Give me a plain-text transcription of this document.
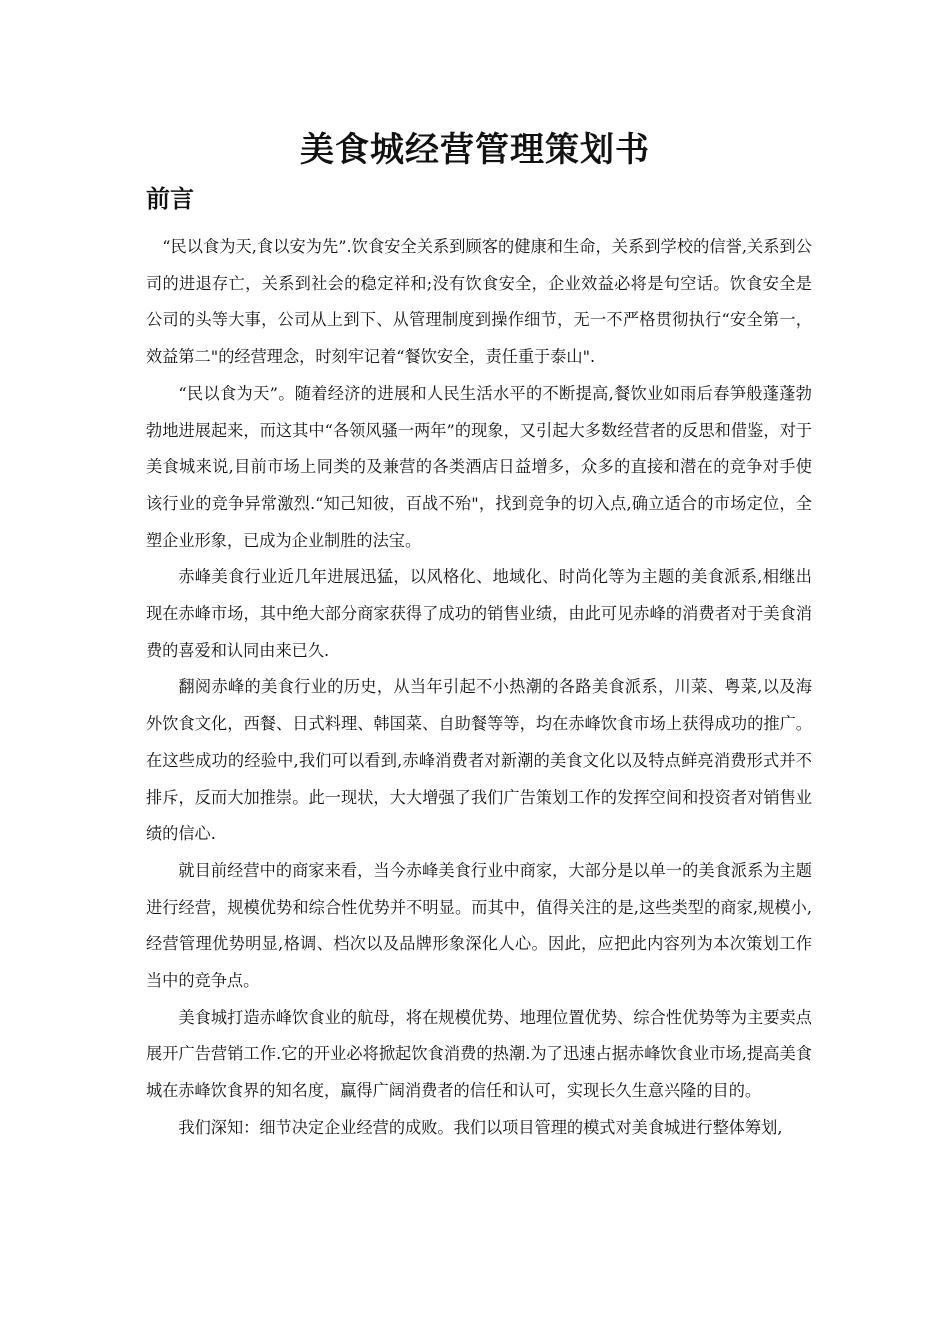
美食城经营管理策划书
前言

“民以食为天,食以安为先”.饮食安全关系到顾客的健康和生命，关系到学校的信誉,关系到公司的进退存亡，关系到社会的稳定祥和;没有饮食安全，企业效益必将是句空话。饮食安全是公司的头等大事，公司从上到下、从管理制度到操作细节，无一不严格贯彻执行“安全第一，效益第二"的经营理念，时刻牢记着“餐饮安全，责任重于泰山".

“民以食为天”。随着经济的进展和人民生活水平的不断提高,餐饮业如雨后春笋般蓬蓬勃勃地进展起来，而这其中“各领风骚一两年”的现象，又引起大多数经营者的反思和借鉴，对于美食城来说,目前市场上同类的及兼营的各类酒店日益增多，众多的直接和潜在的竞争对手使该行业的竞争异常激烈.“知己知彼，百战不殆"，找到竞争的切入点,确立适合的市场定位，全塑企业形象，已成为企业制胜的法宝。

赤峰美食行业近几年进展迅猛，以风格化、地域化、时尚化等为主题的美食派系,相继出现在赤峰市场，其中绝大部分商家获得了成功的销售业绩，由此可见赤峰的消费者对于美食消费的喜爱和认同由来已久.

翻阅赤峰的美食行业的历史，从当年引起不小热潮的各路美食派系，川菜、粤菜,以及海外饮食文化，西餐、日式料理、韩国菜、自助餐等等，均在赤峰饮食市场上获得成功的推广。在这些成功的经验中,我们可以看到,赤峰消费者对新潮的美食文化以及特点鲜亮消费形式并不排斥，反而大加推崇。此一现状，大大增强了我们广告策划工作的发挥空间和投资者对销售业绩的信心.

就目前经营中的商家来看，当今赤峰美食行业中商家，大部分是以单一的美食派系为主题进行经营，规模优势和综合性优势并不明显。而其中，值得关注的是,这些类型的商家,规模小,经营管理优势明显,格调、档次以及品牌形象深化人心。因此，应把此内容列为本次策划工作当中的竞争点。

美食城打造赤峰饮食业的航母，将在规模优势、地理位置优势、综合性优势等为主要卖点展开广告营销工作.它的开业必将掀起饮食消费的热潮.为了迅速占据赤峰饮食业市场,提高美食城在赤峰饮食界的知名度，赢得广阔消费者的信任和认可，实现长久生意兴隆的目的。

我们深知：细节决定企业经营的成败。我们以项目管理的模式对美食城进行整体筹划,
